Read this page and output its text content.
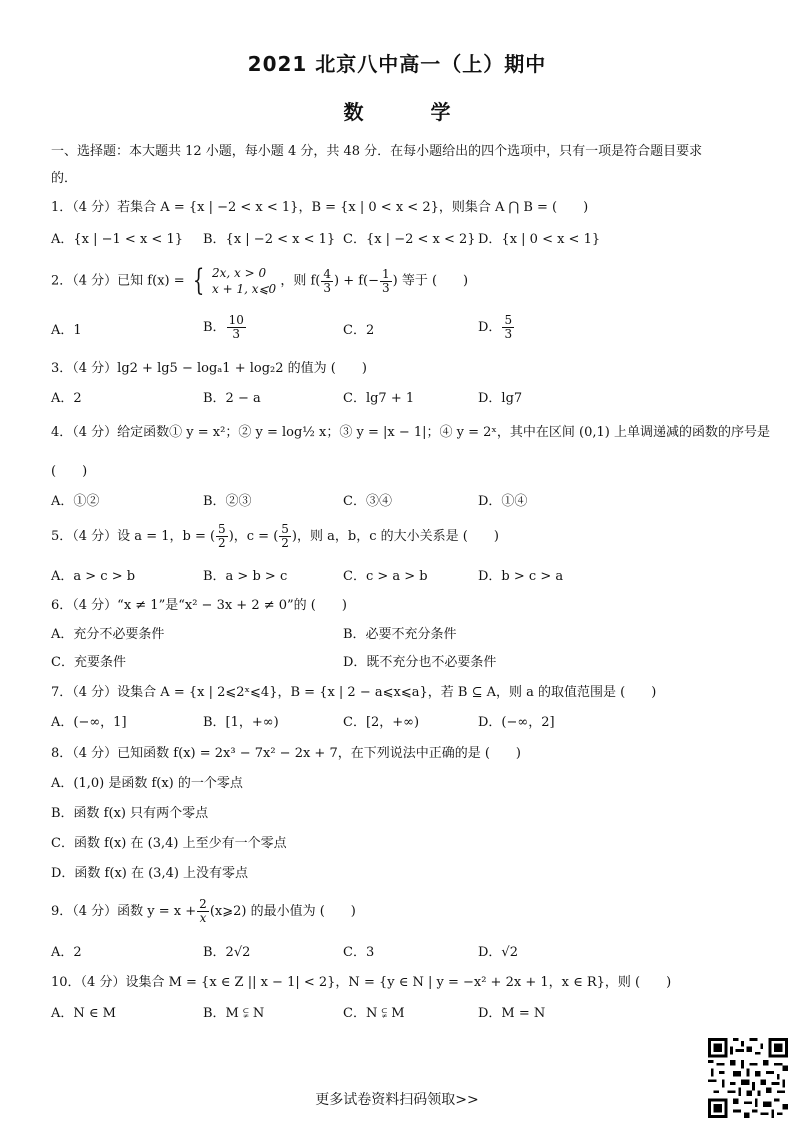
2021 北京八中高一（上）期中
数 学
一、选择题：本大题共 12 小题，每小题 4 分，共 48 分．在每小题给出的四个选项中，只有一项是符合题目要求
的．
1．（4 分）若集合 A = {x | −2 < x < 1}，B = {x | 0 < x < 2}，则集合 A ⋂ B = (　　)
A．{x | −1 < x < 1} B．{x | −2 < x < 1} C．{x | −2 < x < 2} D．{x | 0 < x < 1}
2．（4 分）已知 f(x) = { 2x, x > 0
x + 1, x⩽0
，则 $f( \frac{4}{3}$ ) + $f(- \frac{1}{3}$ ) 等于 (　　)
A．1	B． $\frac{10}{3}$	C．2	D． $\frac{5}{3}$
3．（4 分）lg2 + lg5 − logₐ1 + log₂2 的值为 (　　)
A．2	B．2 − a	C．lg7 + 1	D．lg7
4．（4 分）给定函数① y = x²；② y = log½ x；③ y = |x − 1|；④ y = 2ˣ，其中在区间 (0,1) 上单调递减的函数的序号是
(　　)
A．①②	B．②③	C．③④	D．①④
5．（4 分）设 a = 1，b = ( $\frac{5}{2}$ )，c = ( $\frac{5}{2}$ )，则 a，b，c 的大小关系是 (　　)
A．a > c > b	B．a > b > c	C．c > a > b	D．b > c > a
6．（4 分）“x ≠ 1”是“x² − 3x + 2 ≠ 0”的 (　　)
A．充分不必要条件	B．必要不充分条件
C．充要条件	D．既不充分也不必要条件
7．（4 分）设集合 A = {x | 2⩽2ˣ⩽4}，B = {x | 2 − a⩽x⩽a}，若 B ⊆ A，则 a 的取值范围是 (　　)
A．(−∞，1]	B．[1，+∞)	C．[2，+∞)	D．(−∞，2]
8．（4 分）已知函数 f(x) = 2x³ − 7x² − 2x + 7，在下列说法中正确的是 (　　)
A．(1,0) 是函数 f(x) 的一个零点
B．函数 f(x) 只有两个零点
C．函数 f(x) 在 (3,4) 上至少有一个零点
D．函数 f(x) 在 (3,4) 上没有零点
9．（4 分）函数 $y = x + \frac{2}{x}$ (x⩾2) 的最小值为 (　　)
A．2	B．2√2	C．3	D．√2
10．（4 分）设集合 M = {x ∈ Z || x − 1| < 2}，N = {y ∈ N | y = −x² + 2x + 1，x ∈ R}，则 (　　)
A．N ∈ M	B．M ⫋ N	C．N ⫋ M	D．M = N
更多试卷资料扫码领取>>
